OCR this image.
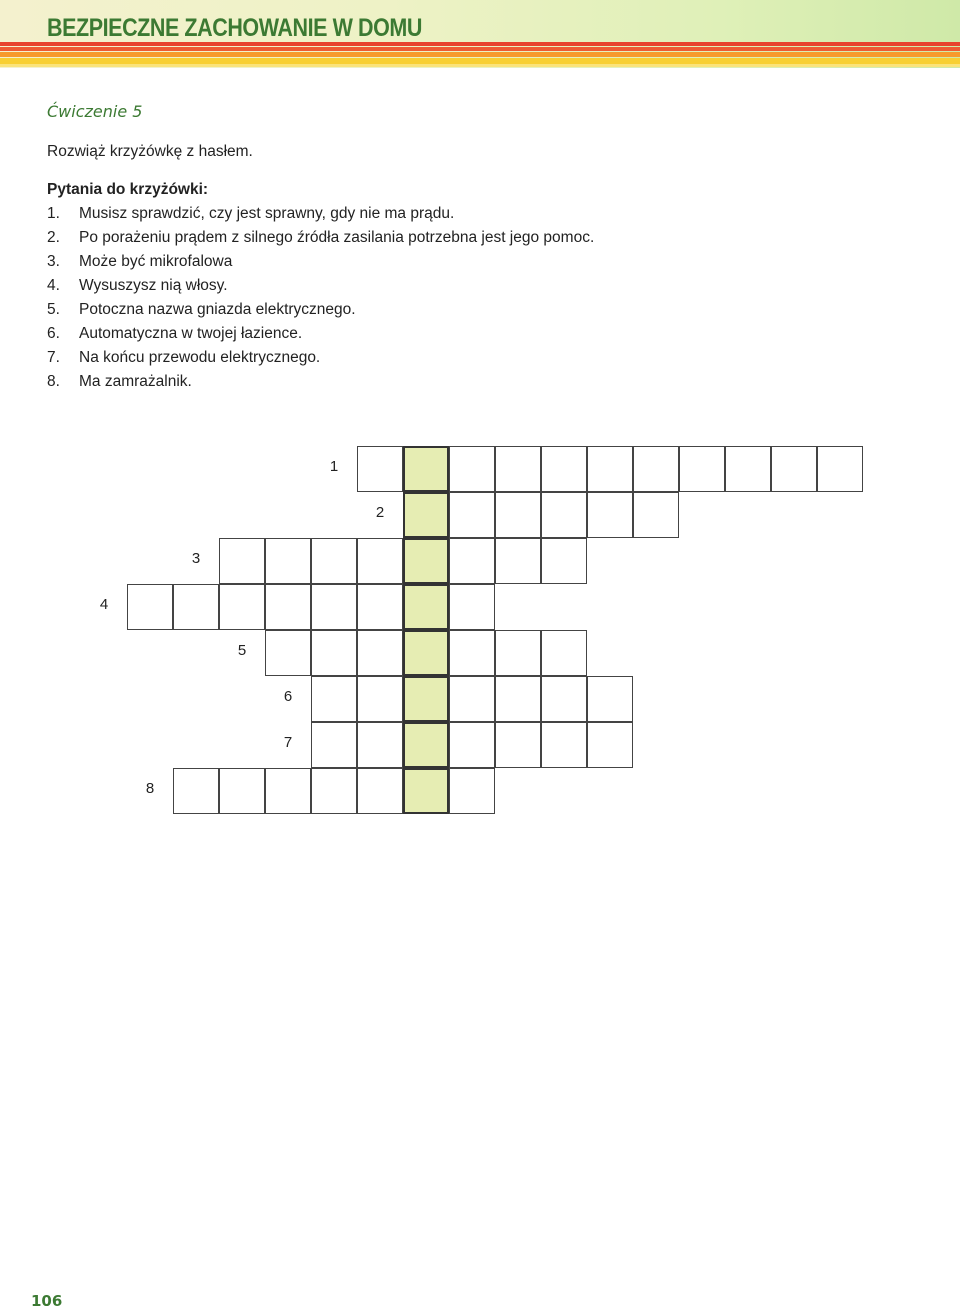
BEZPIECZNE ZACHOWANIE W DOMU
Ćwiczenie 5
Rozwiąż krzyżówkę z hasłem.
Pytania do krzyżówki:
1. Musisz sprawdzić, czy jest sprawny, gdy nie ma prądu.
2. Po porażeniu prądem z silnego źródła zasilania potrzebna jest jego pomoc.
3. Może być mikrofalowa
4. Wysuszysz nią włosy.
5. Potoczna nazwa gniazda elektrycznego.
6. Automatyczna w twojej łazience.
7. Na końcu przewodu elektrycznego.
8. Ma zamrażalnik.
1
2
3
4
5
6
7
8
106
